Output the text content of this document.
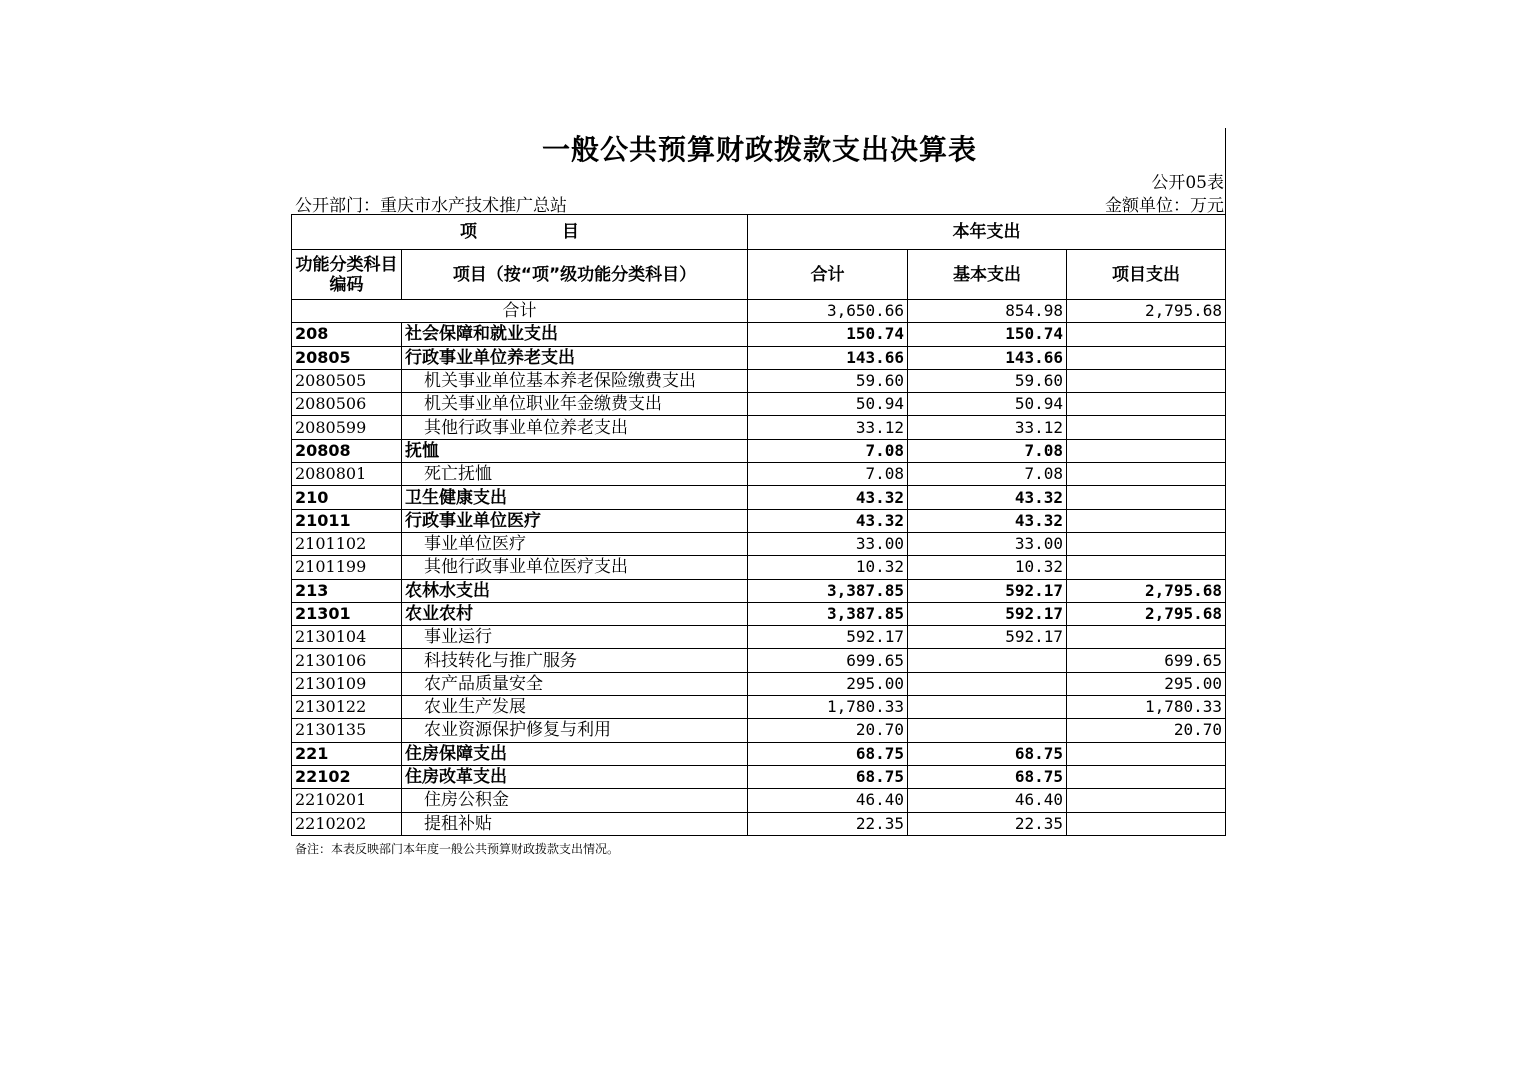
一般公共预算财政拨款支出决算表
公开05表
公开部门：重庆市水产技术推广总站	金额单位：万元
项　　　　　目		本年支出		
功能分类科目编码	项目（按“项”级功能分类科目）	合计	基本支出	项目支出
合计		3,650.66	854.98	2,795.68
208	社会保障和就业支出	150.74	150.74	
20805	行政事业单位养老支出	143.66	143.66	
2080505	机关事业单位基本养老保险缴费支出	59.60	59.60	
2080506	机关事业单位职业年金缴费支出	50.94	50.94	
2080599	其他行政事业单位养老支出	33.12	33.12	
20808	抚恤	7.08	7.08	
2080801	死亡抚恤	7.08	7.08	
210	卫生健康支出	43.32	43.32	
21011	行政事业单位医疗	43.32	43.32	
2101102	事业单位医疗	33.00	33.00	
2101199	其他行政事业单位医疗支出	10.32	10.32	
213	农林水支出	3,387.85	592.17	2,795.68
21301	农业农村	3,387.85	592.17	2,795.68
2130104	事业运行	592.17	592.17	
2130106	科技转化与推广服务	699.65		699.65
2130109	农产品质量安全	295.00		295.00
2130122	农业生产发展	1,780.33		1,780.33
2130135	农业资源保护修复与利用	20.70		20.70
221	住房保障支出	68.75	68.75	
22102	住房改革支出	68.75	68.75	
2210201	住房公积金	46.40	46.40	
2210202	提租补贴	22.35	22.35	
备注：本表反映部门本年度一般公共预算财政拨款支出情况。
